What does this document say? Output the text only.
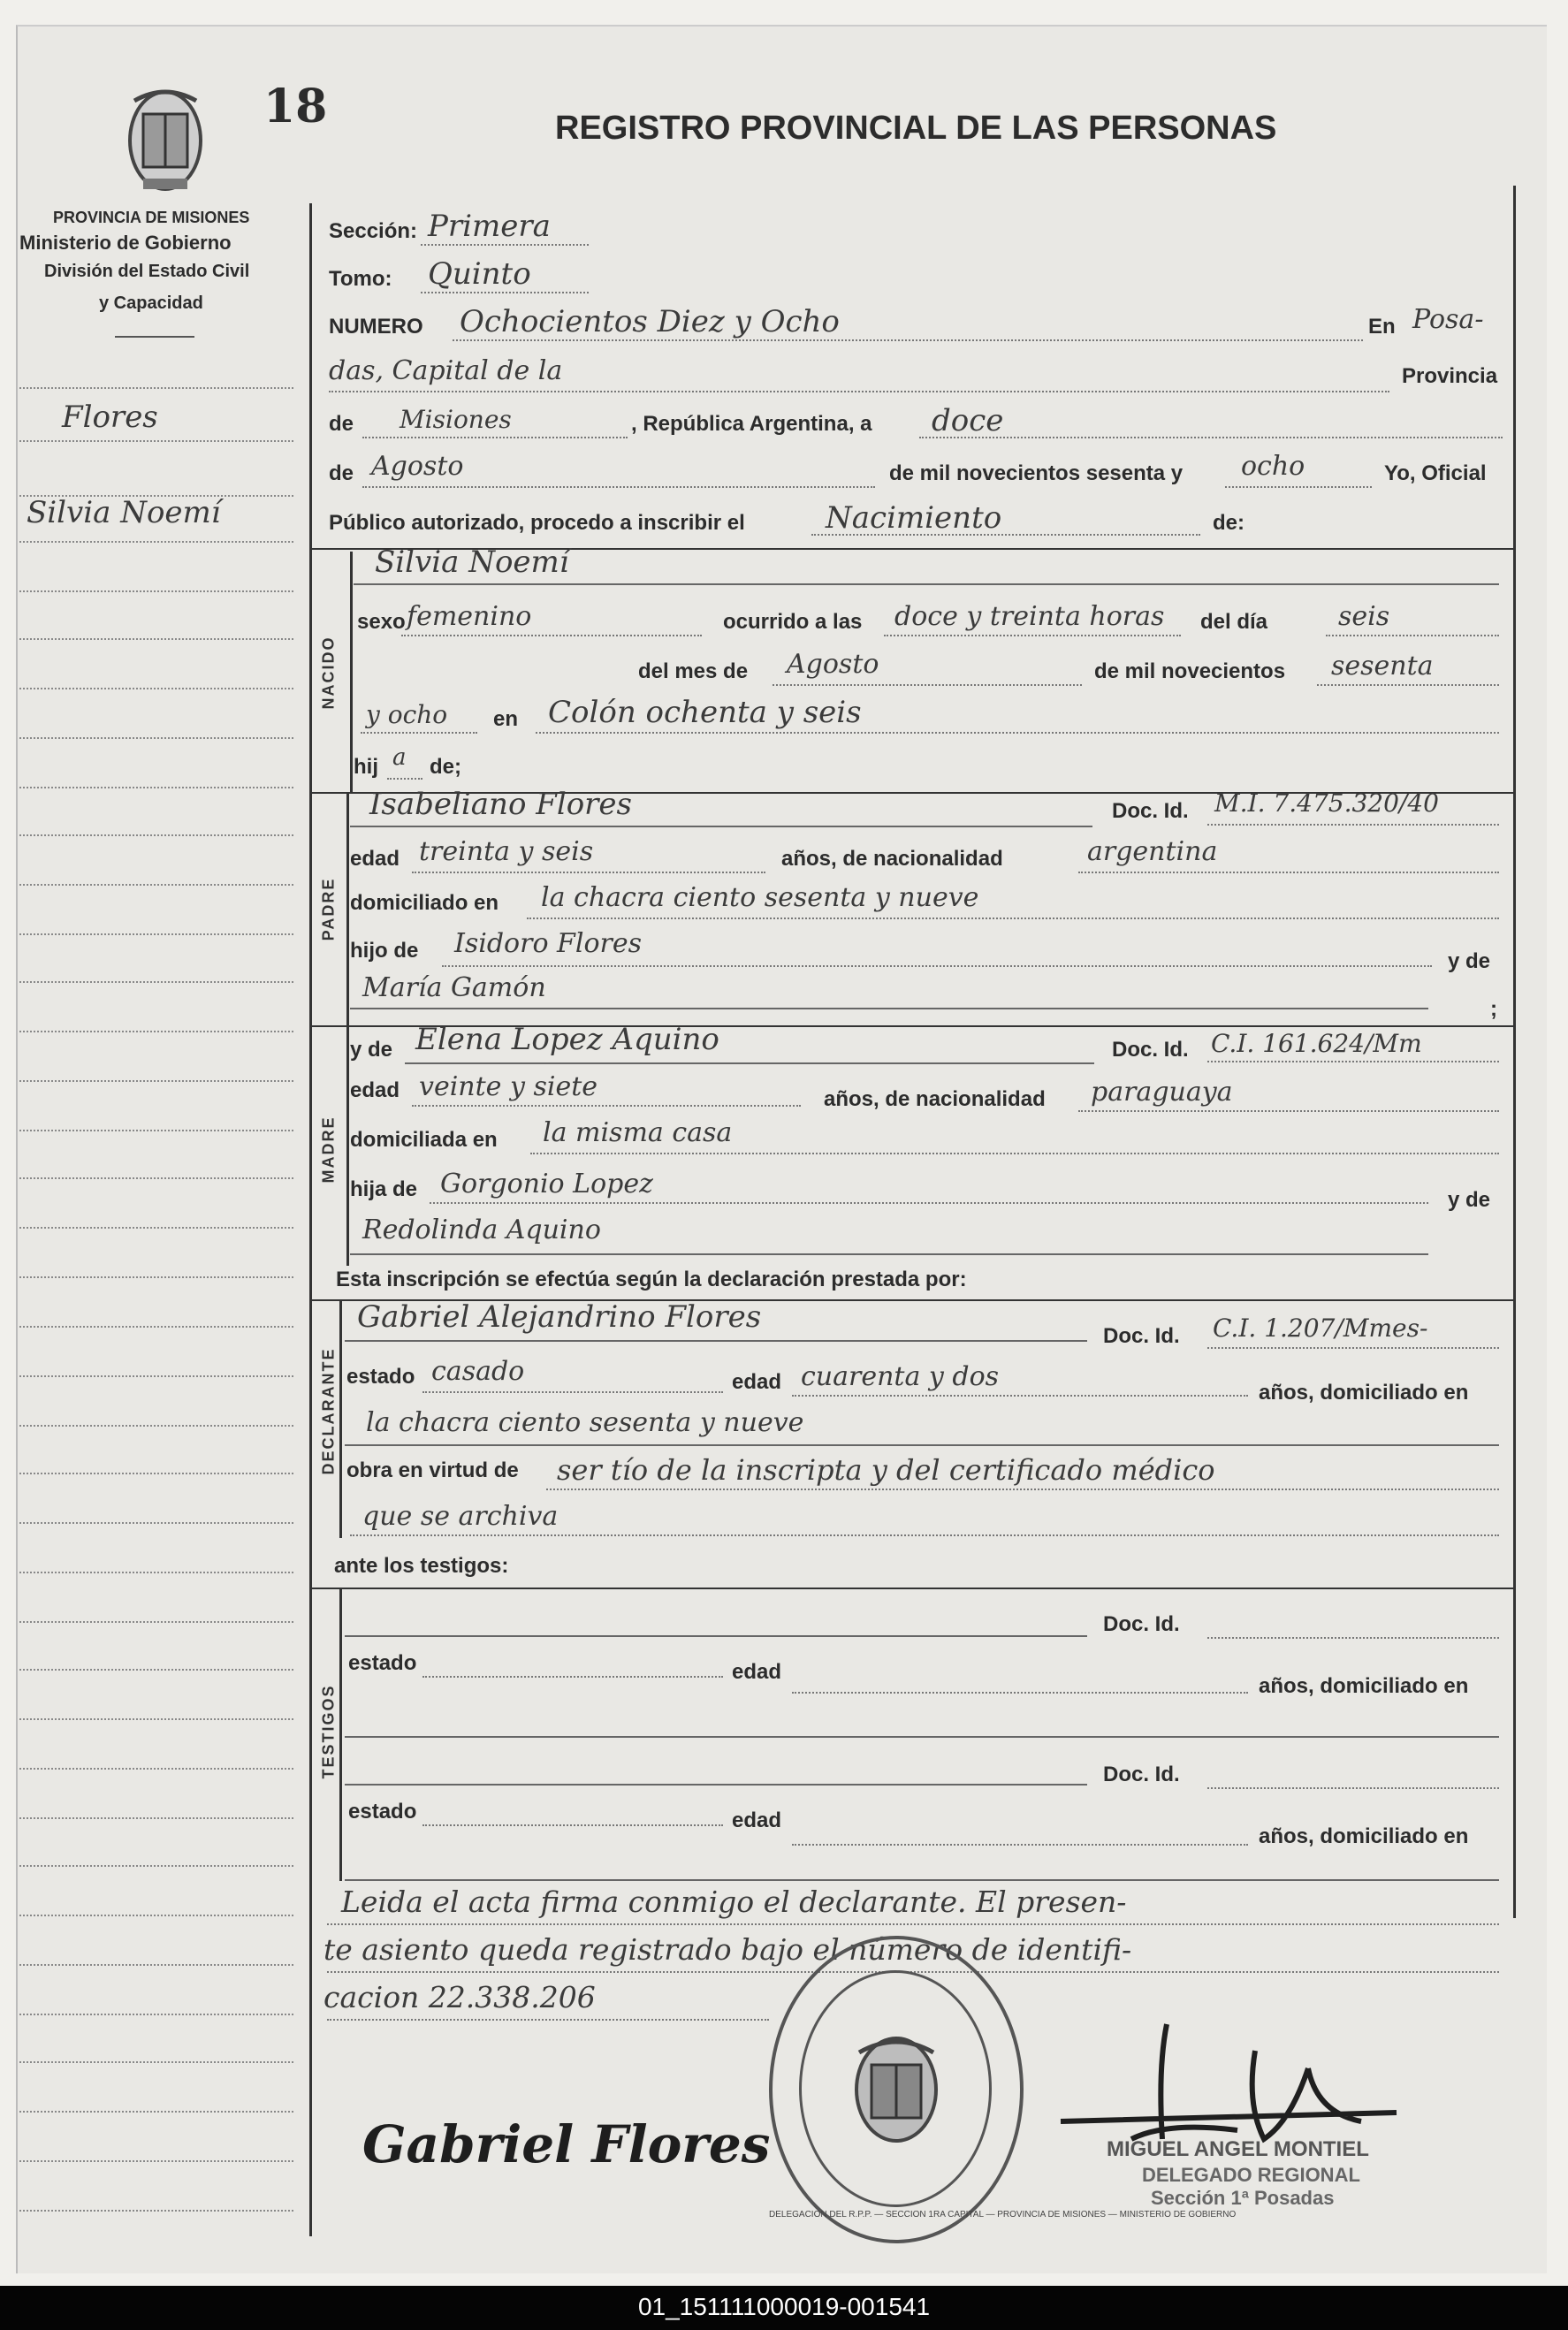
18	REGISTRO PROVINCIAL DE LAS PERSONAS
PROVINCIA DE MISIONES
Ministerio de Gobierno
División del Estado Civil
y Capacidad
Flores
Silvia Noemí
Sección: Primera
Tomo: Quinto
NUMERO Ochocientos Diez y Ocho	En Posa-
das, Capital de la	Provincia
de Misiones	, República Argentina, a doce
de Agosto	de mil novecientos sesenta y ocho	Yo, Oficial
Público autorizado, procedo a inscribir el	Nacimiento	de:
NACIDO
Silvia Noemí
sexo femenino	ocurrido a las doce y treinta horas del día	seis
del mes de Agosto	de mil novecientos sesenta
y ocho en Colón ochenta y seis
hij a de;
PADRE
Isabeliano Flores	Doc. Id. M.I. 7.475.320/40
edad treinta y seis	años, de nacionalidad	argentina
domiciliado en la chacra ciento sesenta y nueve
hijo de Isidoro Flores
María Gamón
y de
;
MADRE
y de Elena Lopez Aquino	Doc. Id. C.I. 161.624/Mm
edad veinte y siete	años, de nacionalidad paraguaya
domiciliada en la misma casa
hija de Gorgonio Lopez
y de
Redolinda Aquino
Esta inscripción se efectúa según la declaración prestada por:
DECLARANTE
Gabriel Alejandrino Flores
Doc. Id. C.I. 1.207/Mmes-
estado casado	edad cuarenta y dos
años, domiciliado en
la chacra ciento sesenta y nueve
obra en virtud de ser tío de la inscripta y del certificado médico
que se archiva
ante los testigos:
TESTIGOS
Doc. Id.
estado	edad
años, domiciliado en
Doc. Id.
estado	edad
años, domiciliado en
Leida el acta firma conmigo el declarante. El presen-
te asiento queda registrado bajo el número de identifi-
cacion 22.338.206
DELEGACION DEL R.P.P. — SECCION 1RA CAPITAL — PROVINCIA DE MISIONES — MINISTERIO DE GOBIERNO
Gabriel Flores	MIGUEL ANGEL MONTIEL
DELEGADO REGIONAL
Sección 1ª Posadas
01_151111000019-001541
